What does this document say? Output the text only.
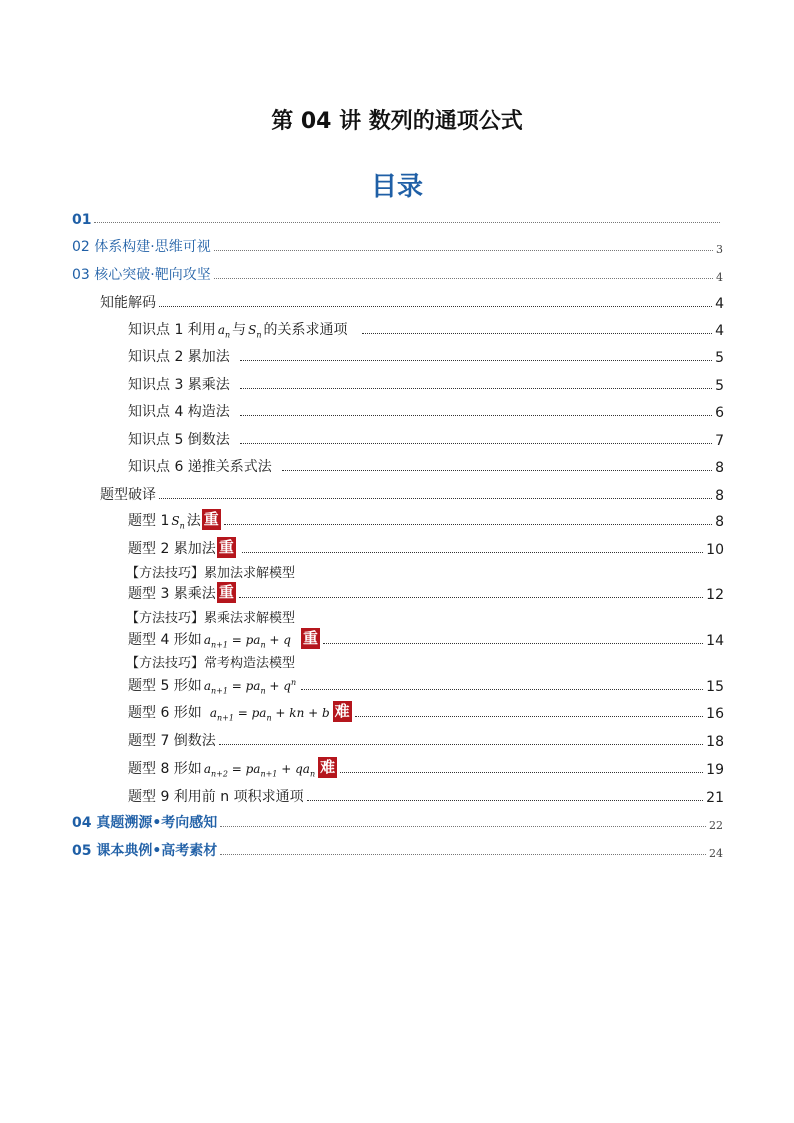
第 04 讲 数列的通项公式
目录
01
02 体系构建·思维可视	3
03 核心突破·靶向攻坚	4
知能解码	4
知识点 1 利用 $a_n$ 与 $S_n$ 的关系求通项	4
知识点 2 累加法	5
知识点 3 累乘法	5
知识点 4 构造法	6
知识点 5 倒数法	7
知识点 6 递推关系式法	8
题型破译	8
题型 1 $S_n$ 法 重	8
题型 2 累加法 重	10
【方法技巧】累加法求解模型
题型 3 累乘法 重	12
【方法技巧】累乘法求解模型
题型 4 形如 $a_{n+1} = pa_n + q$ 重	14
【方法技巧】常考构造法模型
题型 5 形如 $a_{n+1} = pa_n + q^n$	15
题型 6 形如 $a_{n+1} = pa_n$ + kn + b 难	16
题型 7 倒数法	18
题型 8 形如 $a_{n+2} = pa_{n+1} + qa_n$ 难	19
题型 9 利用前 n 项积求通项	21
04 真题溯源•考向感知	22
05 课本典例•高考素材	24
